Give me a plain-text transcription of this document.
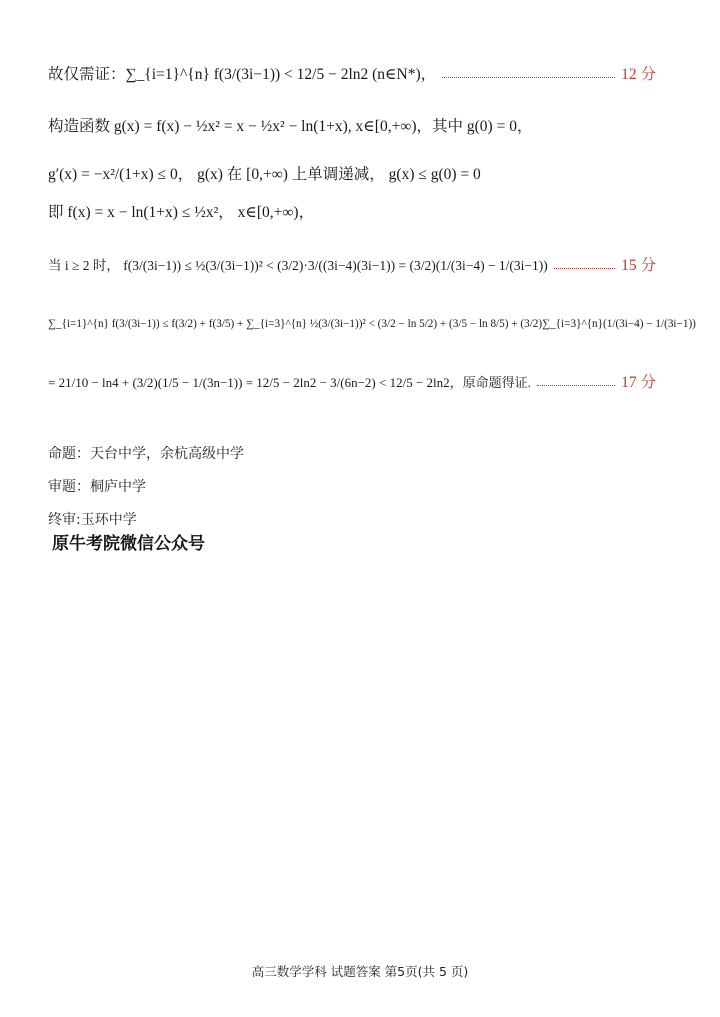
故仅需证：∑_{i=1}^{n} f(3/(3i−1)) < 12/5 − 2ln2 (n∈N*)，	12 分
构造函数 g(x) = f(x) − ½x² = x − ½x² − ln(1+x), x∈[0,+∞)，其中 g(0) = 0，
g′(x) = −x²/(1+x) ≤ 0， g(x) 在 [0,+∞) 上单调递减， g(x) ≤ g(0) = 0
即 f(x) = x − ln(1+x) ≤ ½x²， x∈[0,+∞)，
当 i ≥ 2 时， f(3/(3i−1)) ≤ ½(3/(3i−1))² < (3/2)·3/((3i−4)(3i−1)) = (3/2)(1/(3i−4) − 1/(3i−1))	15 分
∑_{i=1}^{n} f(3/(3i−1)) ≤ f(3/2) + f(3/5) + ∑_{i=3}^{n} ½(3/(3i−1))² < (3/2 − ln 5/2) + (3/5 − ln 8/5) + (3/2)∑_{i=3}^{n}(1/(3i−4) − 1/(3i−1))
= 21/10 − ln4 + (3/2)(1/5 − 1/(3n−1)) = 12/5 − 2ln2 − 3/(6n−2) < 12/5 − 2ln2，原命题得证.	17 分
命题：天台中学，余杭高级中学
审题：桐庐中学
终审:玉环中学
原牛考院微信公众号
高三数学学科 试题答案 第5页(共 5 页)
